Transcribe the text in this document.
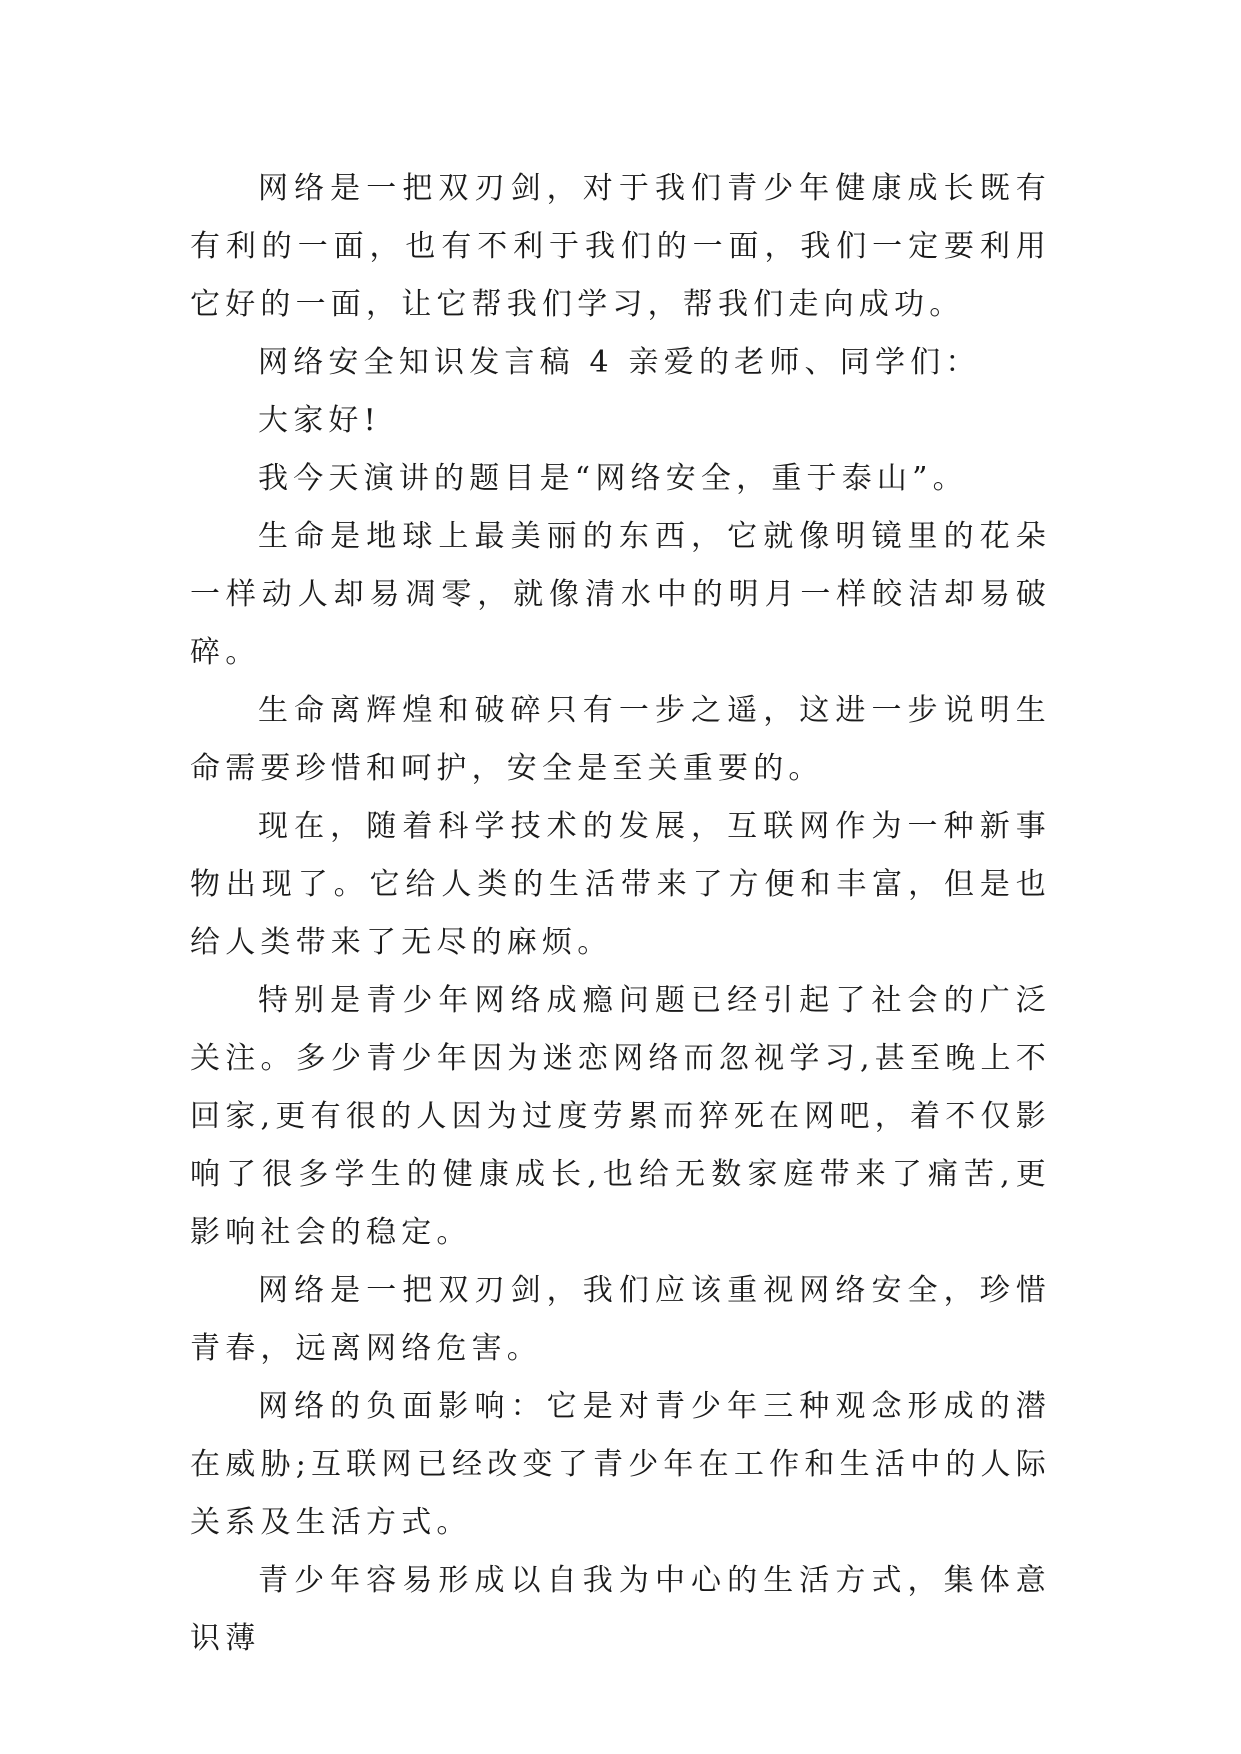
网络是一把双刃剑，对于我们青少年健康成长既有有利的一面，也有不利于我们的一面，我们一定要利用它好的一面，让它帮我们学习，帮我们走向成功。

网络安全知识发言稿 4 亲爱的老师、同学们：

大家好!

我今天演讲的题目是“网络安全，重于泰山”。

生命是地球上最美丽的东西，它就像明镜里的花朵一样动人却易凋零，就像清水中的明月一样皎洁却易破碎。

生命离辉煌和破碎只有一步之遥，这进一步说明生命需要珍惜和呵护，安全是至关重要的。

现在，随着科学技术的发展，互联网作为一种新事物出现了。它给人类的生活带来了方便和丰富，但是也给人类带来了无尽的麻烦。

特别是青少年网络成瘾问题已经引起了社会的广泛关注。多少青少年因为迷恋网络而忽视学习,甚至晚上不回家,更有很的人因为过度劳累而猝死在网吧，着不仅影响了很多学生的健康成长,也给无数家庭带来了痛苦,更影响社会的稳定。

网络是一把双刃剑，我们应该重视网络安全，珍惜青春，远离网络危害。

网络的负面影响：它是对青少年三种观念形成的潜在威胁;互联网已经改变了青少年在工作和生活中的人际关系及生活方式。

青少年容易形成以自我为中心的生活方式，集体意识薄
